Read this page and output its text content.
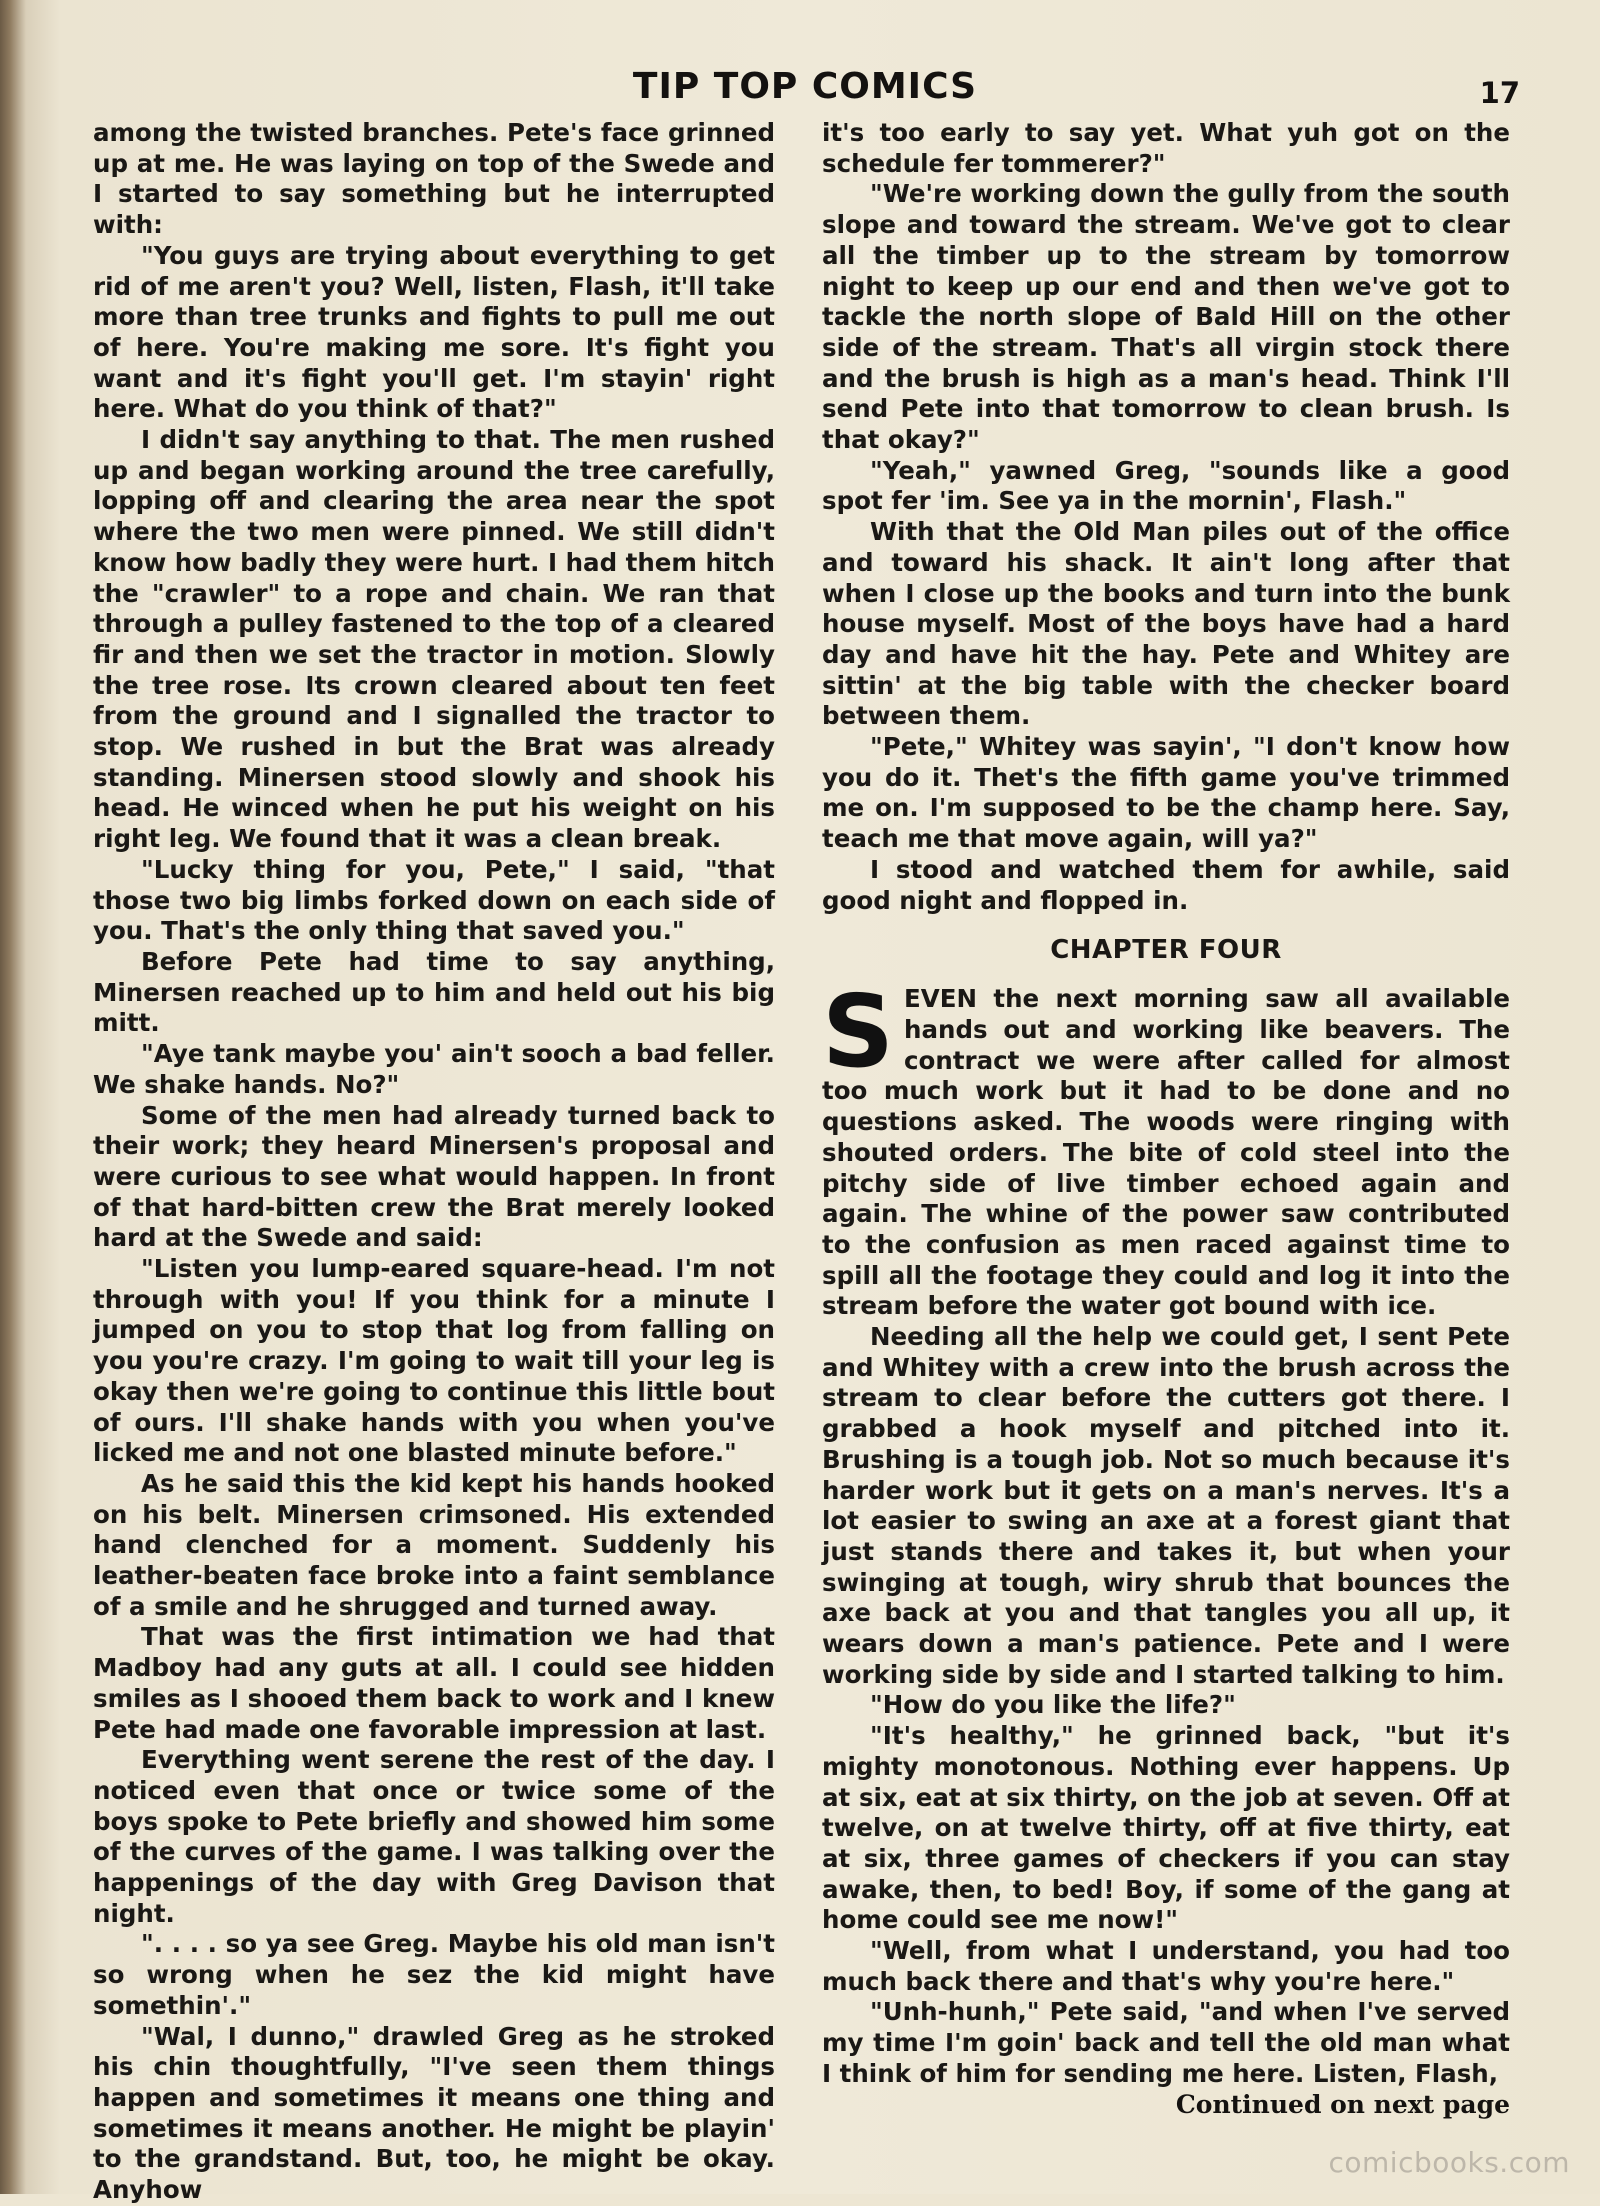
TIP TOP COMICS	17

among the twisted branches. Pete's face grinned up at me. He was laying on top of the Swede and I started to say something but he interrupted with:

"You guys are trying about everything to get rid of me aren't you? Well, listen, Flash, it'll take more than tree trunks and fights to pull me out of here. You're making me sore. It's fight you want and it's fight you'll get. I'm stayin' right here. What do you think of that?"

I didn't say anything to that. The men rushed up and began working around the tree carefully, lopping off and clearing the area near the spot where the two men were pinned. We still didn't know how badly they were hurt. I had them hitch the "crawler" to a rope and chain. We ran that through a pulley fastened to the top of a cleared fir and then we set the tractor in motion. Slowly the tree rose. Its crown cleared about ten feet from the ground and I signalled the tractor to stop. We rushed in but the Brat was already standing. Minersen stood slowly and shook his head. He winced when he put his weight on his right leg. We found that it was a clean break.

"Lucky thing for you, Pete," I said, "that those two big limbs forked down on each side of you. That's the only thing that saved you."

Before Pete had time to say anything, Minersen reached up to him and held out his big mitt.

"Aye tank maybe you' ain't sooch a bad feller. We shake hands. No?"

Some of the men had already turned back to their work; they heard Minersen's proposal and were curious to see what would happen. In front of that hard-bitten crew the Brat merely looked hard at the Swede and said:

"Listen you lump-eared square-head. I'm not through with you! If you think for a minute I jumped on you to stop that log from falling on you you're crazy. I'm going to wait till your leg is okay then we're going to continue this little bout of ours. I'll shake hands with you when you've licked me and not one blasted minute before."

As he said this the kid kept his hands hooked on his belt. Minersen crimsoned. His extended hand clenched for a moment. Suddenly his leather-beaten face broke into a faint semblance of a smile and he shrugged and turned away.

That was the first intimation we had that Madboy had any guts at all. I could see hidden smiles as I shooed them back to work and I knew Pete had made one favorable impression at last.

Everything went serene the rest of the day. I noticed even that once or twice some of the boys spoke to Pete briefly and showed him some of the curves of the game. I was talking over the happenings of the day with Greg Davison that night.

". . . . so ya see Greg. Maybe his old man isn't so wrong when he sez the kid might have somethin'."

"Wal, I dunno," drawled Greg as he stroked his chin thoughtfully, "I've seen them things happen and sometimes it means one thing and sometimes it means another. He might be playin' to the grandstand. But, too, he might be okay. Anyhow

it's too early to say yet. What yuh got on the schedule fer tommerer?"

"We're working down the gully from the south slope and toward the stream. We've got to clear all the timber up to the stream by tomorrow night to keep up our end and then we've got to tackle the north slope of Bald Hill on the other side of the stream. That's all virgin stock there and the brush is high as a man's head. Think I'll send Pete into that tomorrow to clean brush. Is that okay?"

"Yeah," yawned Greg, "sounds like a good spot fer 'im. See ya in the mornin', Flash."

With that the Old Man piles out of the office and toward his shack. It ain't long after that when I close up the books and turn into the bunk house myself. Most of the boys have had a hard day and have hit the hay. Pete and Whitey are sittin' at the big table with the checker board between them.

"Pete," Whitey was sayin', "I don't know how you do it. Thet's the fifth game you've trimmed me on. I'm supposed to be the champ here. Say, teach me that move again, will ya?"

I stood and watched them for awhile, said good night and flopped in.

CHAPTER FOUR

SEVEN the next morning saw all available hands out and working like beavers. The contract we were after called for almost too much work but it had to be done and no questions asked. The woods were ringing with shouted orders. The bite of cold steel into the pitchy side of live timber echoed again and again. The whine of the power saw contributed to the confusion as men raced against time to spill all the footage they could and log it into the stream before the water got bound with ice.

Needing all the help we could get, I sent Pete and Whitey with a crew into the brush across the stream to clear before the cutters got there. I grabbed a hook myself and pitched into it. Brushing is a tough job. Not so much because it's harder work but it gets on a man's nerves. It's a lot easier to swing an axe at a forest giant that just stands there and takes it, but when your swinging at tough, wiry shrub that bounces the axe back at you and that tangles you all up, it wears down a man's patience. Pete and I were working side by side and I started talking to him.

"How do you like the life?"

"It's healthy," he grinned back, "but it's mighty monotonous. Nothing ever happens. Up at six, eat at six thirty, on the job at seven. Off at twelve, on at twelve thirty, off at five thirty, eat at six, three games of checkers if you can stay awake, then, to bed! Boy, if some of the gang at home could see me now!"

"Well, from what I understand, you had too much back there and that's why you're here."

"Unh-hunh," Pete said, "and when I've served my time I'm goin' back and tell the old man what I think of him for sending me here. Listen, Flash,

Continued on next page
comicbooks.com
